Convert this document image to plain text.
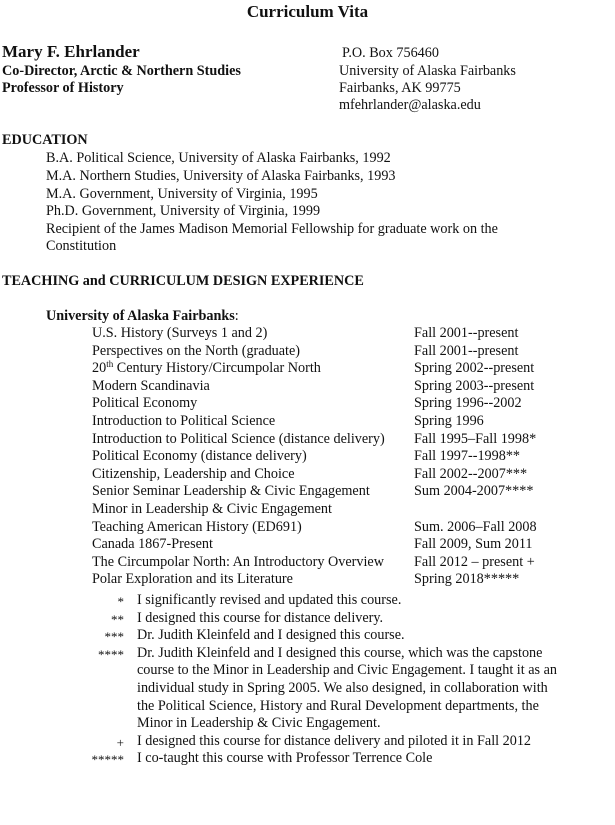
Curriculum Vita
Mary F. Ehrlander
Co-Director, Arctic & Northern Studies
Professor of History
P.O. Box 756460
University of Alaska Fairbanks
Fairbanks, AK 99775
mfehrlander@alaska.edu
EDUCATION
B.A. Political Science, University of Alaska Fairbanks, 1992
M.A. Northern Studies, University of Alaska Fairbanks, 1993
M.A. Government, University of Virginia, 1995
Ph.D. Government, University of Virginia, 1999
Recipient of the James Madison Memorial Fellowship for graduate work on the
Constitution
TEACHING and CURRICULUM DESIGN EXPERIENCE
University of Alaska Fairbanks:
U.S. History (Surveys 1 and 2)	Fall 2001--present
Perspectives on the North (graduate)	Fall 2001--present
20th Century History/Circumpolar North	Spring 2002--present
Modern Scandinavia	Spring 2003--present
Political Economy	Spring 1996--2002
Introduction to Political Science	Spring 1996
Introduction to Political Science (distance delivery) Fall 1995–Fall 1998*
Political Economy (distance delivery)	Fall 1997--1998**
Citizenship, Leadership and Choice	Fall 2002--2007***
Senior Seminar Leadership & Civic Engagement	Sum 2004-2007****
Minor in Leadership & Civic Engagement
Teaching American History (ED691)	Sum. 2006–Fall 2008
Canada 1867-Present	Fall 2009, Sum 2011
The Circumpolar North: An Introductory Overview Fall 2012 – present +
Polar Exploration and its Literature	Spring 2018*****
* I significantly revised and updated this course.
** I designed this course for distance delivery.
*** Dr. Judith Kleinfeld and I designed this course.
**** Dr. Judith Kleinfeld and I designed this course, which was the capstone
course to the Minor in Leadership and Civic Engagement. I taught it as an
individual study in Spring 2005. We also designed, in collaboration with
the Political Science, History and Rural Development departments, the
Minor in Leadership & Civic Engagement.
+ I designed this course for distance delivery and piloted it in Fall 2012
***** I co-taught this course with Professor Terrence Cole
